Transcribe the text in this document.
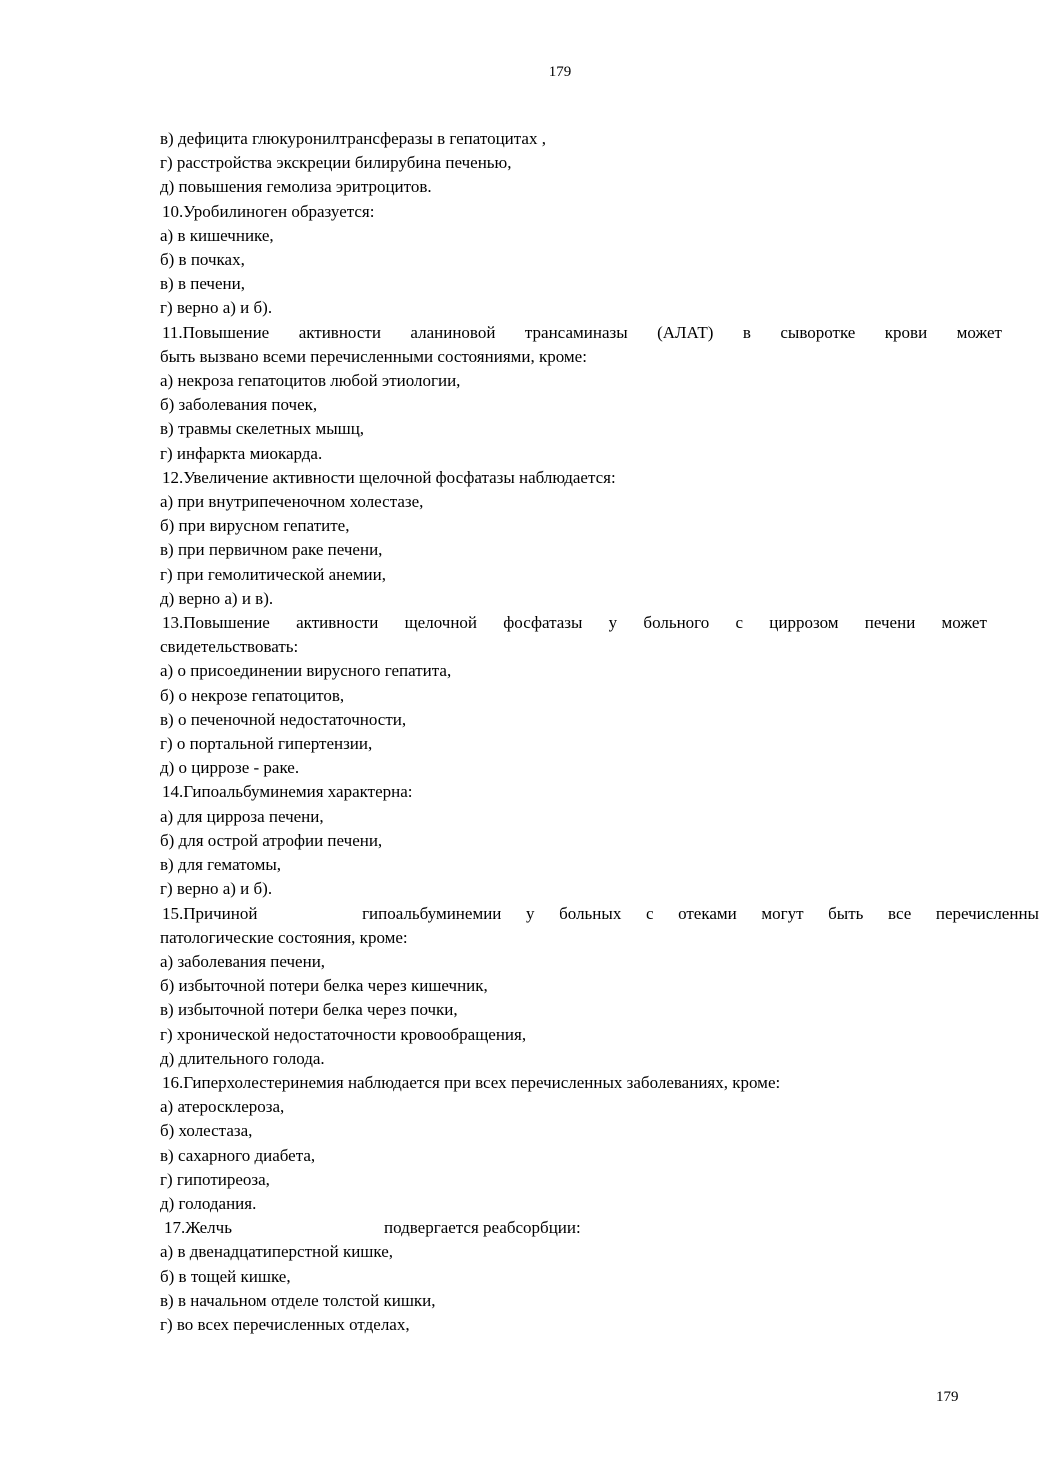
179
в) дефицита глюкуронилтрансферазы в гепатоцитах ,
г) расстройства экскреции билирубина печенью,
д) повышения гемолиза эритроцитов.
10.Уробилиноген образуется:
а) в кишечнике,
б) в почках,
в) в печени,
г) верно а) и б).
11.Повышение активности аланиновой трансаминазы (АЛАТ) в сыворотке крови может
быть вызвано всеми перечисленными состояниями, кроме:
а) некроза гепатоцитов любой этиологии,
б) заболевания почек,
в) травмы скелетных мышц,
г) инфаркта миокарда.
12.Увеличение активности щелочной фосфатазы наблюдается:
а) при внутрипеченочном холестазе,
б) при вирусном гепатите,
в) при первичном раке печени,
г) при гемолитической анемии,
д) верно а) и в).
13.Повышение активности щелочной фосфатазы у больного с циррозом печени может
свидетельствовать:
а) о присоединении вирусного гепатита,
б) о некрозе гепатоцитов,
в) о печеночной недостаточности,
г) о портальной гипертензии,
д) о циррозе - раке.
14.Гипоальбуминемия характерна:
а) для цирроза печени,
б) для острой атрофии печени,
в) для гематомы,
г) верно а) и б).
15.Причиной	гипоальбуминемии у больных с отеками могут быть все перечисленны
патологические состояния, кроме:
а) заболевания печени,
б) избыточной потери белка через кишечник,
в) избыточной потери белка через почки,
г) хронической недостаточности кровообращения,
д) длительного голода.
16.Гиперхолестеринемия наблюдается при всех перечисленных заболеваниях, кроме:
а) атеросклероза,
б) холестаза,
в) сахарного диабета,
г) гипотиреоза,
д) голодания.
17.Желчь	подвергается реабсорбции:
а) в двенадцатиперстной кишке,
б) в тощей кишке,
в) в начальном отделе толстой кишки,
г) во всех перечисленных отделах,
179
